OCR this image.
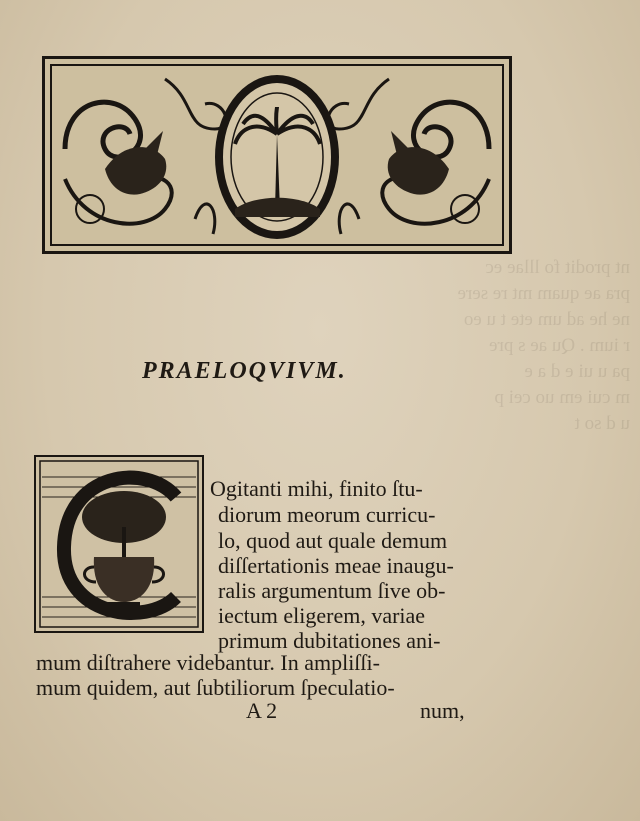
nt prodit fo lllae ec
pra ae quam mt re sere
ne he ad um ete t u eo
r ium . Qu ae s pre
pa u ui e d a e
m cui em uo cei p
u d so t
PRAELOQVIVM.
Ogitanti mihi, finito ſtu-
diorum meorum curricu-
lo, quod aut quale demum
diſſertationis meae inaugu-
ralis argumentum ſive ob-
iectum eligerem, variae
primum dubitationes ani-
mum diſtrahere videbantur. In ampliſſi-
mum quidem, aut ſubtiliorum ſpeculatio-
A 2	num,
